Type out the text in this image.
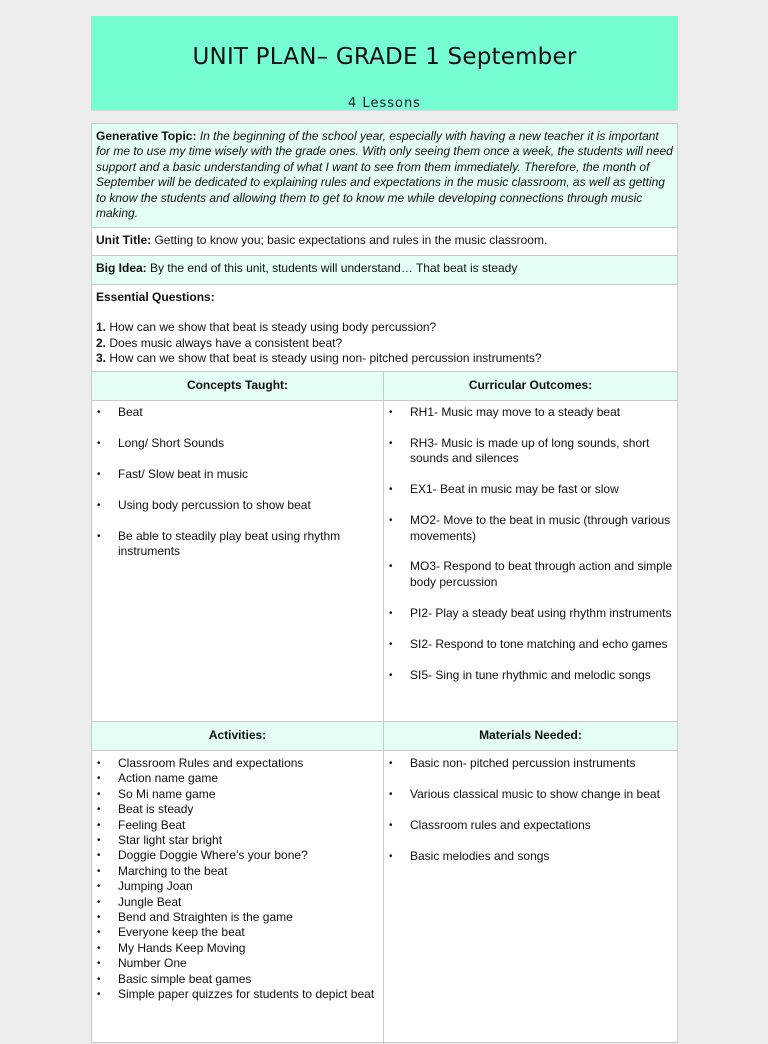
UNIT PLAN– GRADE 1 September
4 Lessons
Generative Topic: In the beginning of the school year, especially with having a new teacher it is important for me to use my time wisely with the grade ones. With only seeing them once a week, the students will need support and a basic understanding of what I want to see from them immediately. Therefore, the month of September will be dedicated to explaining rules and expectations in the music classroom, as well as getting to know the students and allowing them to get to know me while developing connections through music making.
Unit Title: Getting to know you; basic expectations and rules in the music classroom.
Big Idea: By the end of this unit, students will understand… That beat is steady
Essential Questions:
1. How can we show that beat is steady using body percussion?
2. Does music always have a consistent beat?
3. How can we show that beat is steady using non- pitched percussion instruments?
Concepts Taught:	Curricular Outcomes:
• Beat
• Long/ Short Sounds
• Fast/ Slow beat in music
• Using body percussion to show beat
• Be able to steadily play beat using rhythm instruments
• RH1- Music may move to a steady beat
• RH3- Music is made up of long sounds, short sounds and silences
• EX1- Beat in music may be fast or slow
• MO2- Move to the beat in music (through various movements)
• MO3- Respond to beat through action and simple body percussion
• PI2- Play a steady beat using rhythm instruments
• SI2- Respond to tone matching and echo games
• SI5- Sing in tune rhythmic and melodic songs
Activities:	Materials Needed:
• Classroom Rules and expectations
• Action name game
• So Mi name game
• Beat is steady
• Feeling Beat
• Star light star bright
• Doggie Doggie Where's your bone?
• Marching to the beat
• Jumping Joan
• Jungle Beat
• Bend and Straighten is the game
• Everyone keep the beat
• My Hands Keep Moving
• Number One
• Basic simple beat games
• Simple paper quizzes for students to depict beat
• Basic non- pitched percussion instruments
• Various classical music to show change in beat
• Classroom rules and expectations
• Basic melodies and songs
